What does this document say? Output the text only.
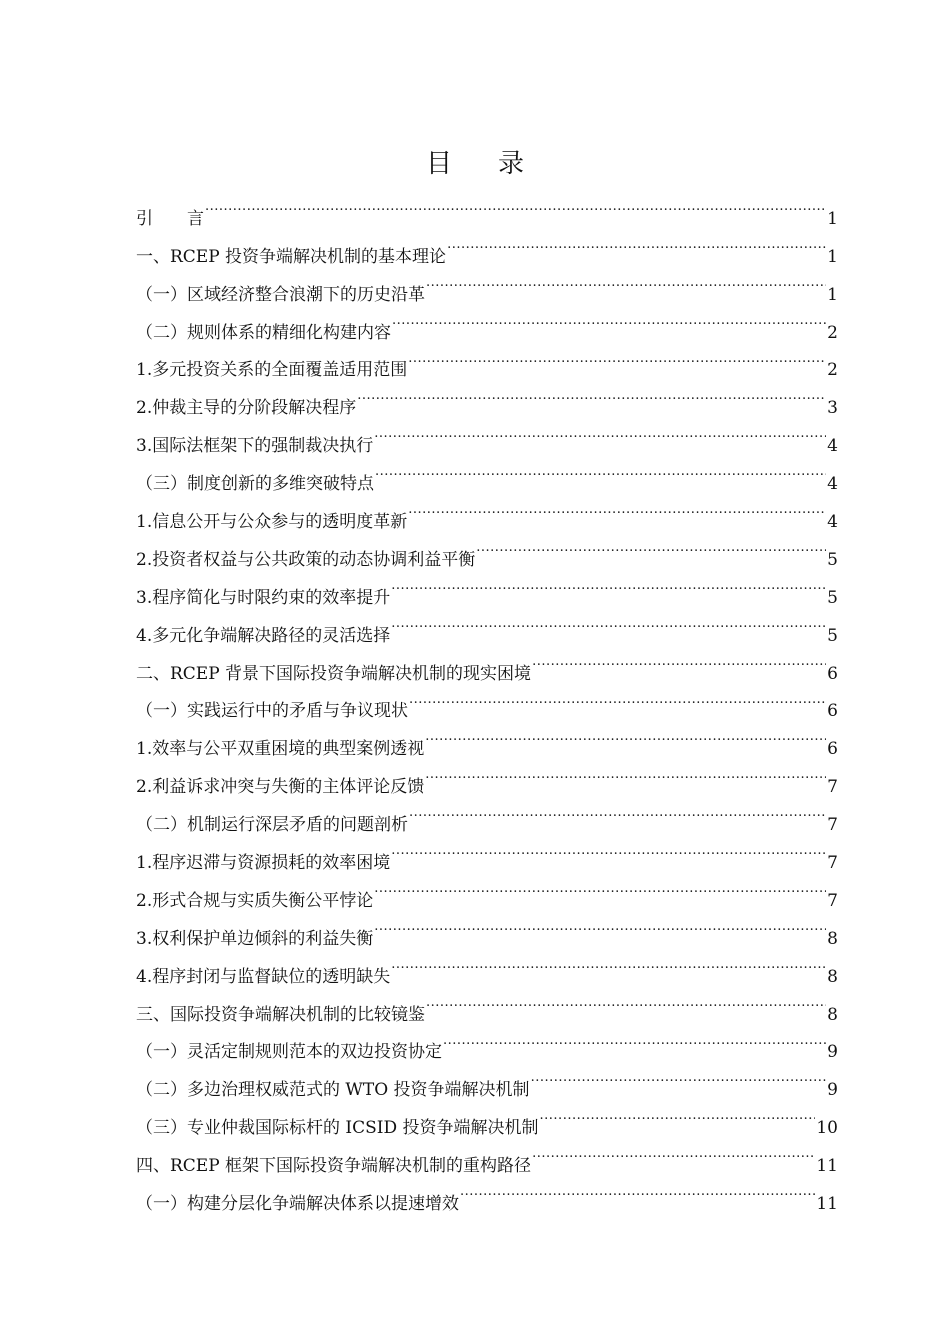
目 录
引　　言 .....	1
一、RCEP 投资争端解决机制的基本理论 .....	1
（一）区域经济整合浪潮下的历史沿革 .....	1
（二）规则体系的精细化构建内容 .....	2
1.多元投资关系的全面覆盖适用范围 .....	2
2.仲裁主导的分阶段解决程序 .....	3
3.国际法框架下的强制裁决执行 .....	4
（三）制度创新的多维突破特点 .....	4
1.信息公开与公众参与的透明度革新 .....	4
2.投资者权益与公共政策的动态协调利益平衡 .....	5
3.程序简化与时限约束的效率提升 .....	5
4.多元化争端解决路径的灵活选择 .....	5
二、RCEP 背景下国际投资争端解决机制的现实困境 .....	6
（一）实践运行中的矛盾与争议现状 .....	6
1.效率与公平双重困境的典型案例透视 .....	6
2.利益诉求冲突与失衡的主体评论反馈 .....	7
（二）机制运行深层矛盾的问题剖析 .....	7
1.程序迟滞与资源损耗的效率困境 .....	7
2.形式合规与实质失衡公平悖论 .....	7
3.权利保护单边倾斜的利益失衡 .....	8
4.程序封闭与监督缺位的透明缺失 .....	8
三、国际投资争端解决机制的比较镜鉴 .....	8
（一）灵活定制规则范本的双边投资协定 .....	9
（二）多边治理权威范式的 WTO 投资争端解决机制 .....	9
（三）专业仲裁国际标杆的 ICSID 投资争端解决机制 .....	10
四、RCEP 框架下国际投资争端解决机制的重构路径 .....	11
（一）构建分层化争端解决体系以提速增效 .....	11
